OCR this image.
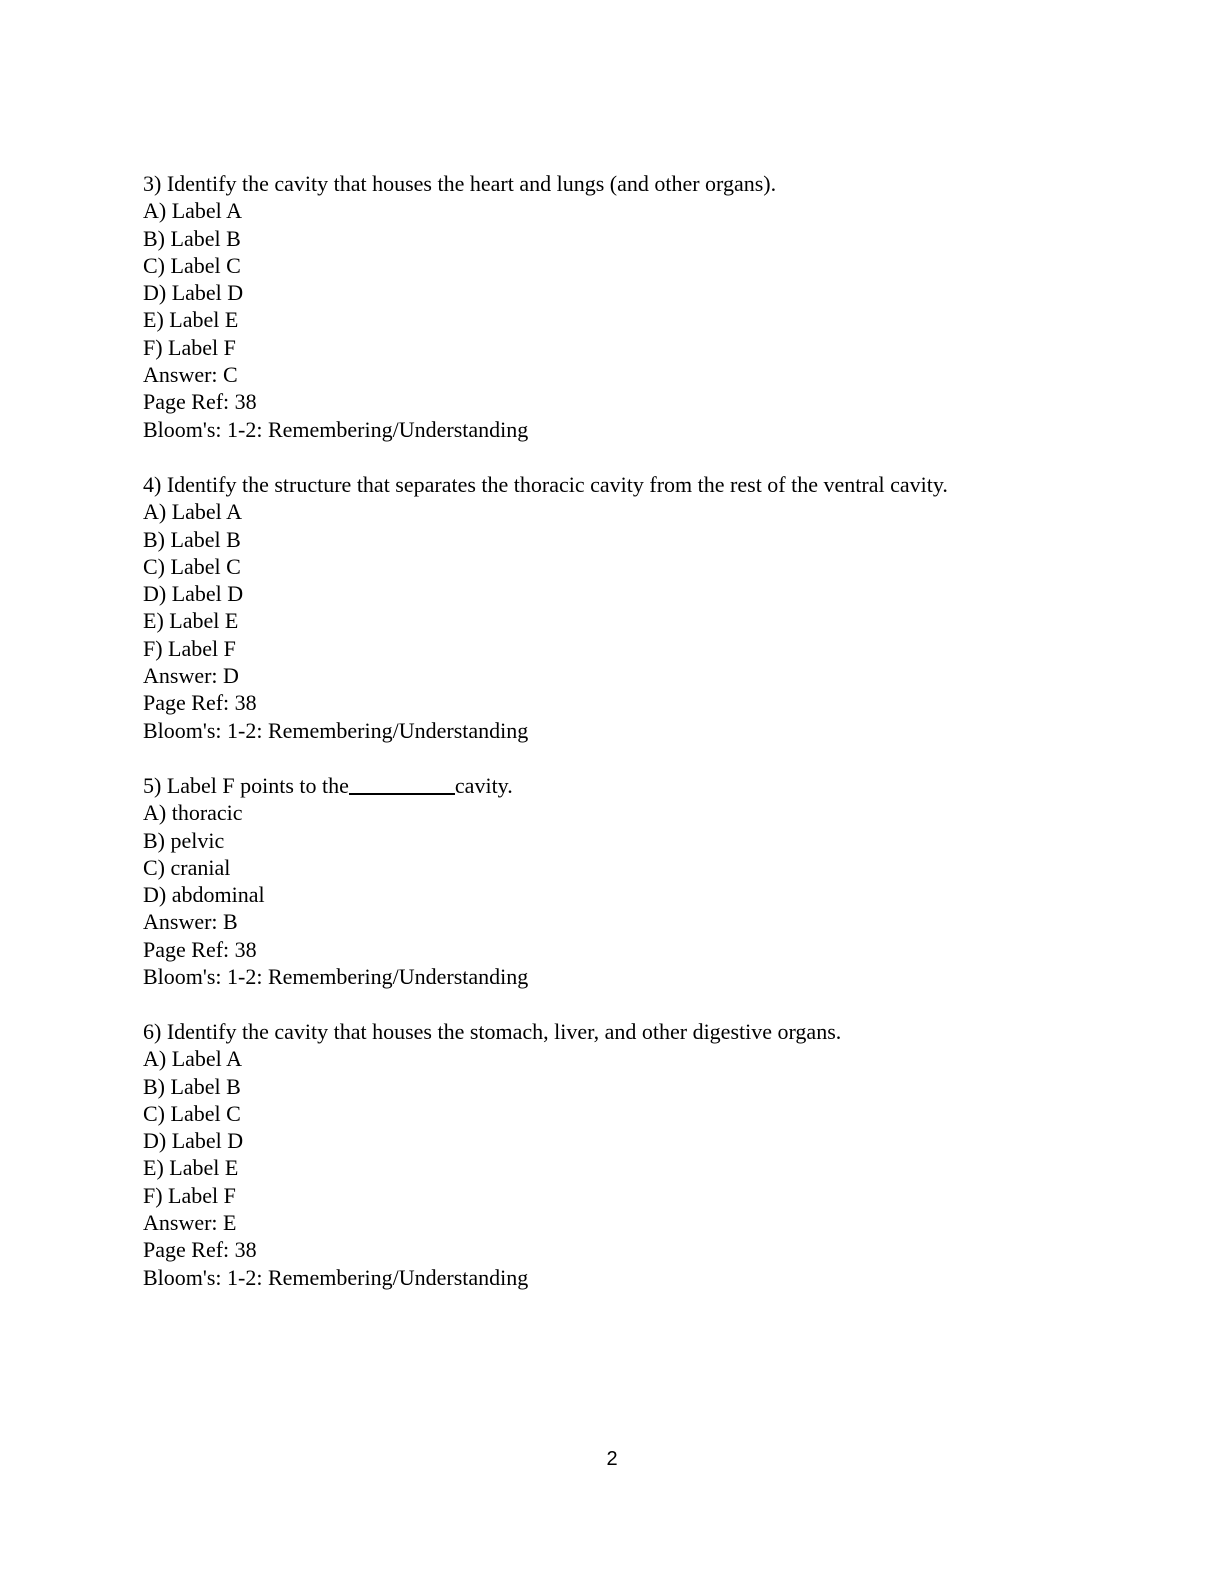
3) Identify the cavity that houses the heart and lungs (and other organs).
A) Label A
B) Label B
C) Label C
D) Label D
E) Label E
F) Label F
Answer: C
Page Ref: 38
Bloom's: 1-2: Remembering/Understanding
4) Identify the structure that separates the thoracic cavity from the rest of the ventral cavity.
A) Label A
B) Label B
C) Label C
D) Label D
E) Label E
F) Label F
Answer: D
Page Ref: 38
Bloom's: 1-2: Remembering/Understanding
5) Label F points to the	cavity.
A) thoracic
B) pelvic
C) cranial
D) abdominal
Answer: B
Page Ref: 38
Bloom's: 1-2: Remembering/Understanding
6) Identify the cavity that houses the stomach, liver, and other digestive organs.
A) Label A
B) Label B
C) Label C
D) Label D
E) Label E
F) Label F
Answer: E
Page Ref: 38
Bloom's: 1-2: Remembering/Understanding
2
